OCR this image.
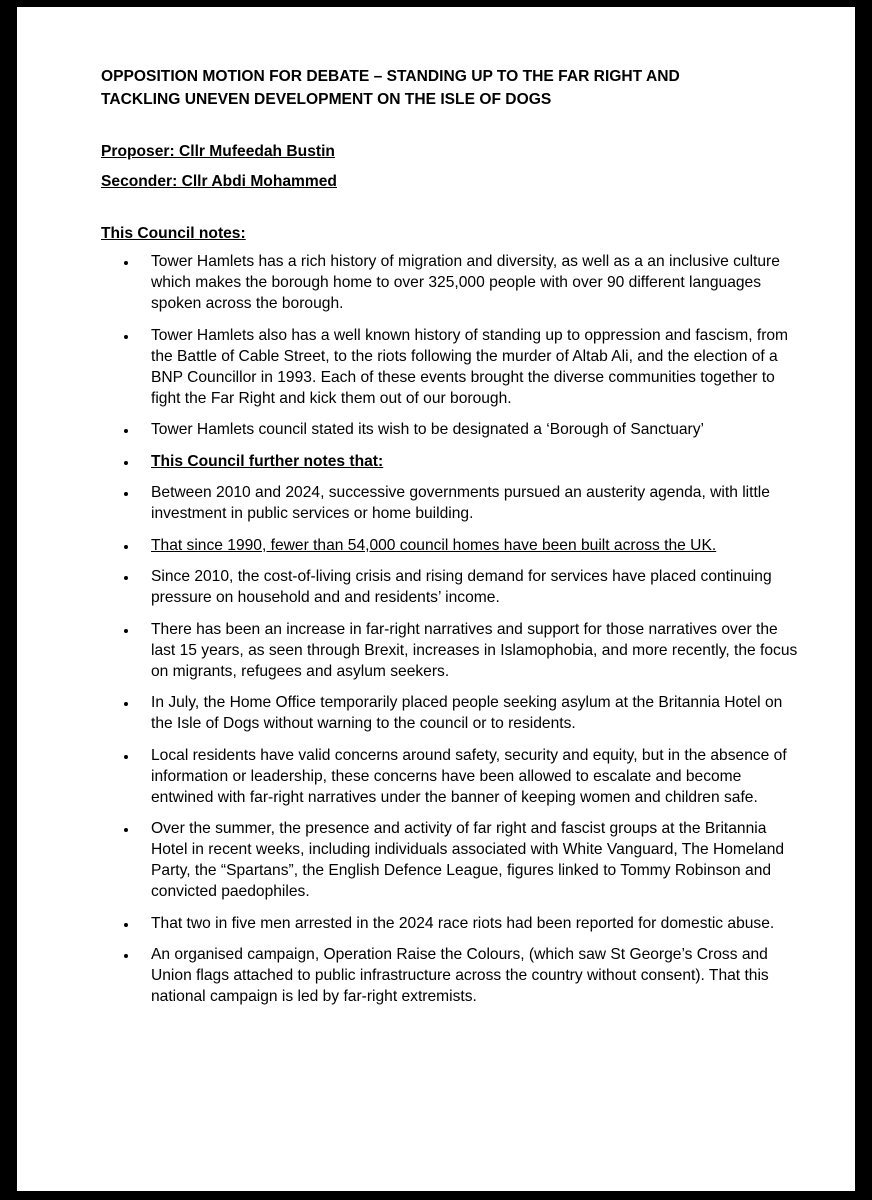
OPPOSITION MOTION FOR DEBATE – STANDING UP TO THE FAR RIGHT AND
TACKLING UNEVEN DEVELOPMENT ON THE ISLE OF DOGS

Proposer: Cllr Mufeedah Bustin

Seconder: Cllr Abdi Mohammed

This Council notes:

Tower Hamlets has a rich history of migration and diversity, as well as a an inclusive culture which makes the borough home to over 325,000 people with over 90 different languages spoken across the borough.
Tower Hamlets also has a well known history of standing up to oppression and fascism, from the Battle of Cable Street, to the riots following the murder of Altab Ali, and the election of a BNP Councillor in 1993. Each of these events brought the diverse communities together to fight the Far Right and kick them out of our borough.
Tower Hamlets council stated its wish to be designated a ‘Borough of Sanctuary’
This Council further notes that:
Between 2010 and 2024, successive governments pursued an austerity agenda, with little investment in public services or home building.
That since 1990, fewer than 54,000 council homes have been built across the UK.
Since 2010, the cost-of-living crisis and rising demand for services have placed continuing pressure on household and and residents’ income.
There has been an increase in far-right narratives and support for those narratives over the last 15 years, as seen through Brexit, increases in Islamophobia, and more recently, the focus on migrants, refugees and asylum seekers.
In July, the Home Office temporarily placed people seeking asylum at the Britannia Hotel on the Isle of Dogs without warning to the council or to residents.
Local residents have valid concerns around safety, security and equity, but in the absence of information or leadership, these concerns have been allowed to escalate and become entwined with far-right narratives under the banner of keeping women and children safe.
Over the summer, the presence and activity of far right and fascist groups at the Britannia Hotel in recent weeks, including individuals associated with White Vanguard, The Homeland Party, the “Spartans”, the English Defence League, figures linked to Tommy Robinson and convicted paedophiles.
That two in five men arrested in the 2024 race riots had been reported for domestic abuse.
An organised campaign, Operation Raise the Colours, (which saw St George’s Cross and Union flags attached to public infrastructure across the country without consent). That this national campaign is led by far-right extremists.
